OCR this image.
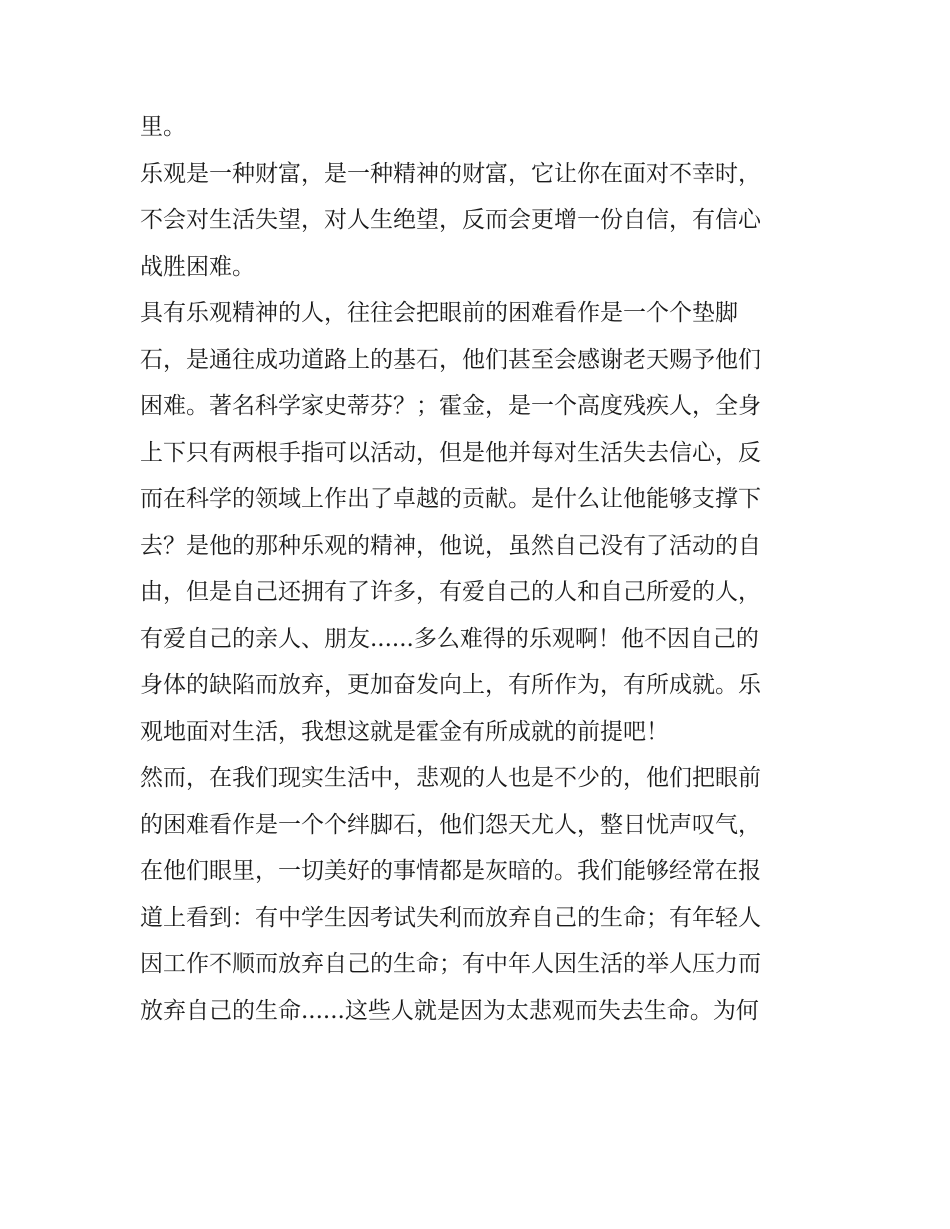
里。
乐观是一种财富，是一种精神的财富，它让你在面对不幸时，
不会对生活失望，对人生绝望，反而会更增一份自信，有信心
战胜困难。
具有乐观精神的人，往往会把眼前的困难看作是一个个垫脚
石，是通往成功道路上的基石，他们甚至会感谢老天赐予他们
困难。著名科学家史蒂芬？；霍金，是一个高度残疾人，全身
上下只有两根手指可以活动，但是他并每对生活失去信心，反
而在科学的领域上作出了卓越的贡献。是什么让他能够支撑下
去？是他的那种乐观的精神，他说，虽然自己没有了活动的自
由，但是自己还拥有了许多，有爱自己的人和自己所爱的人，
有爱自己的亲人、朋友......多么难得的乐观啊！他不因自己的
身体的缺陷而放弃，更加奋发向上，有所作为，有所成就。乐
观地面对生活，我想这就是霍金有所成就的前提吧！
然而，在我们现实生活中，悲观的人也是不少的，他们把眼前
的困难看作是一个个绊脚石，他们怨天尤人，整日忧声叹气，
在他们眼里，一切美好的事情都是灰暗的。我们能够经常在报
道上看到：有中学生因考试失利而放弃自己的生命；有年轻人
因工作不顺而放弃自己的生命；有中年人因生活的举人压力而
放弃自己的生命......这些人就是因为太悲观而失去生命。为何
